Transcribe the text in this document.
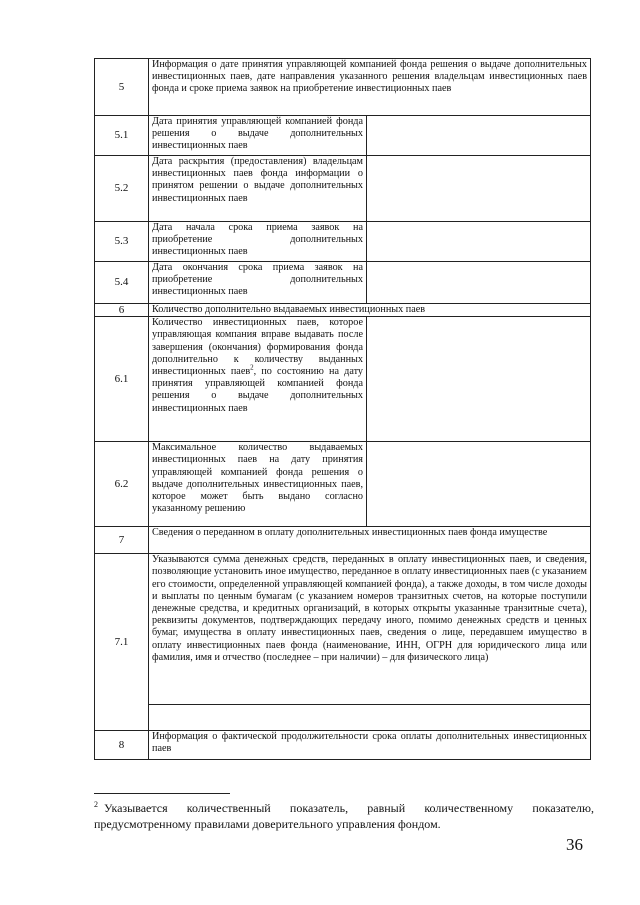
5	Информация о дате принятия управляющей компанией фонда решения о выдаче дополнительных инвестиционных паев, дате направления указанного решения владельцам инвестиционных паев фонда и сроке приема заявок на приобретение инвестиционных паев	
5.1	Дата принятия управляющей компанией фонда решения о выдаче дополнительных инвестиционных паев	
5.2	Дата раскрытия (предоставления) владельцам инвестиционных паев фонда информации о принятом решении о выдаче дополнительных инвестиционных паев	
5.3	Дата начала срока приема заявок на приобретение дополнительных инвестиционных паев	
5.4	Дата окончания срока приема заявок на приобретение дополнительных инвестиционных паев	
6	Количество дополнительно выдаваемых инвестиционных паев	
6.1	Количество инвестиционных паев, которое управляющая компания вправе выдавать после завершения (окончания) формирования фонда дополнительно к количеству выданных инвестиционных паев$^2$, по состоянию на дату принятия управляющей компанией фонда решения о выдаче дополнительных инвестиционных паев	
6.2	Максимальное количество выдаваемых инвестиционных паев на дату принятия управляющей компанией фонда решения о выдаче дополнительных инвестиционных паев, которое может быть выдано согласно указанному решению	
7	Сведения о переданном в оплату дополнительных инвестиционных паев фонда имуществе	
7.1	Указываются сумма денежных средств, переданных в оплату инвестиционных паев, и сведения, позволяющие установить иное имущество, переданное в оплату инвестиционных паев (с указанием его стоимости, определенной управляющей компанией фонда), а также доходы, в том числе доходы и выплаты по ценным бумагам (с указанием номеров транзитных счетов, на которые поступили денежные средства, и кредитных организаций, в которых открыты указанные транзитные счета), реквизиты документов, подтверждающих передачу иного, помимо денежных средств и ценных бумаг, имущества в оплату инвестиционных паев, сведения о лице, передавшем имущество в оплату инвестиционных паев фонда (наименование, ИНН, ОГРН для юридического лица или фамилия, имя и отчество (последнее – при наличии) – для физического лица)	

8	Информация о фактической продолжительности срока оплаты дополнительных инвестиционных паев	
$^2$ Указывается количественный показатель, равный количественному показателю, предусмотренному правилами доверительного управления фондом.
36
